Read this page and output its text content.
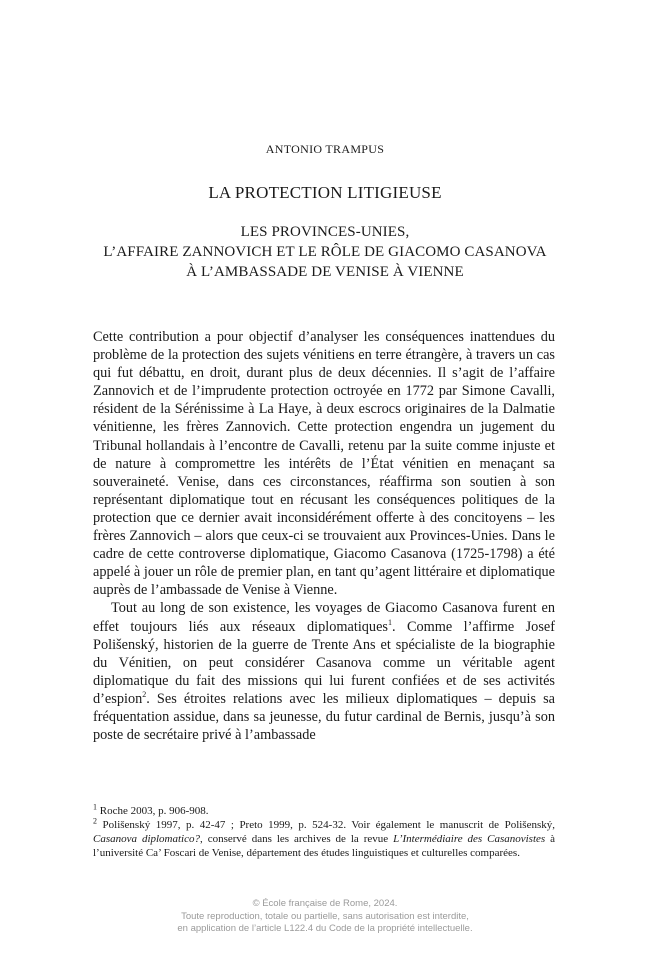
ANTONIO TRAMPUS
LA PROTECTION LITIGIEUSE
LES PROVINCES-UNIES,
L’AFFAIRE ZANNOVICH ET LE RÔLE DE GIACOMO CASANOVA
À L’AMBASSADE DE VENISE À VIENNE

Cette contribution a pour objectif d’analyser les conséquences inattendues du problème de la protection des sujets vénitiens en terre étrangère, à travers un cas qui fut débattu, en droit, durant plus de deux décennies. Il s’agit de l’affaire Zannovich et de l’imprudente protection octroyée en 1772 par Simone Cavalli, résident de la Sérénissime à La Haye, à deux escrocs originaires de la Dalmatie vénitienne, les frères Zannovich. Cette protection engendra un jugement du Tribunal hollandais à l’encontre de Cavalli, retenu par la suite comme injuste et de nature à compromettre les intérêts de l’État vénitien en menaçant sa souveraineté. Venise, dans ces circonstances, réaffirma son soutien à son représentant diplomatique tout en récusant les conséquences politiques de la protection que ce dernier avait inconsidérément offerte à des concitoyens – les frères Zannovich – alors que ceux-ci se trouvaient aux Provinces-Unies. Dans le cadre de cette controverse diplomatique, Giacomo Casanova (1725-1798) a été appelé à jouer un rôle de premier plan, en tant qu’agent littéraire et diplomatique auprès de l’ambassade de Venise à Vienne.

Tout au long de son existence, les voyages de Giacomo Casanova furent en effet toujours liés aux réseaux diplomatiques$^1$. Comme l’affirme Josef Polišenský, historien de la guerre de Trente Ans et spécialiste de la biographie du Vénitien, on peut considérer Casanova comme un véritable agent diplomatique du fait des missions qui lui furent confiées et de ses activités d’espion$^2$. Ses étroites relations avec les milieux diplomatiques – depuis sa fréquentation assidue, dans sa jeunesse, du futur cardinal de Bernis, jusqu’à son poste de secrétaire privé à l’ambassade

$^1$ Roche 2003, p. 906-908.

$^2$ Polišenský 1997, p. 42-47 ; Preto 1999, p. 524-32. Voir également le manuscrit de Polišenský, Casanova diplomatico?, conservé dans les archives de la revue L’Intermédiaire des Casanovistes à l’université Ca’ Foscari de Venise, département des études linguistiques et culturelles comparées.

© École française de Rome, 2024.
Toute reproduction, totale ou partielle, sans autorisation est interdite,
en application de l’article L122.4 du Code de la propriété intellectuelle.
